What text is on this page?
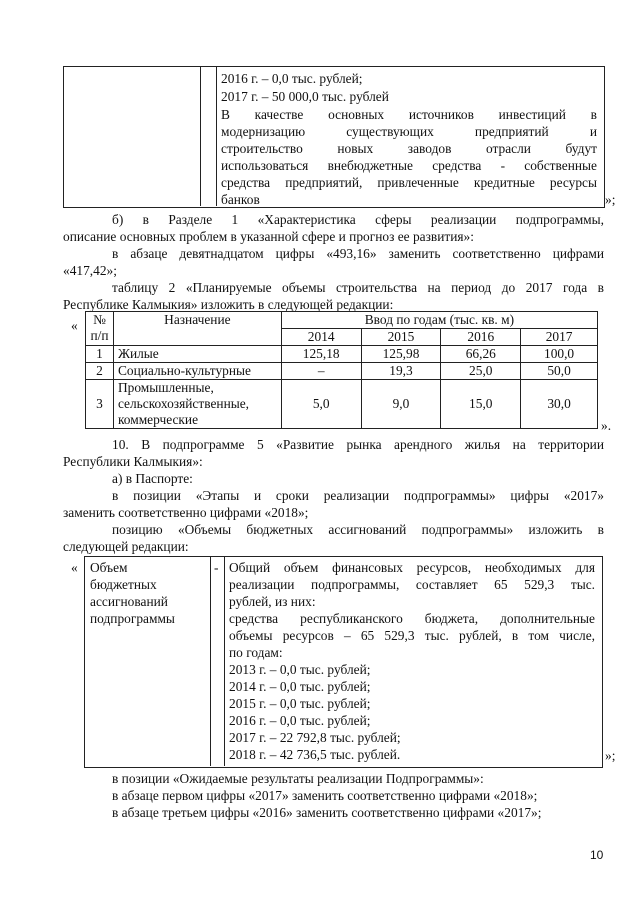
2016 г. – 0,0 тыс. рублей;
2017 г. – 50 000,0 тыс. рублей
В качестве основных источников инвестиций в
модернизацию существующих предприятий и
строительство новых заводов отрасли будут
использоваться внебюджетные средства - собственные
средства предприятий, привлеченные кредитные ресурсы
банков	»;
б) в Разделе 1 «Характеристика сферы реализации подпрограммы,
описание основных проблем в указанной сфере и прогноз ее развития»:
в абзаце девятнадцатом цифры «493,16» заменить соответственно цифрами
«417,42»;
таблицу 2 «Планируемые объемы строительства на период до 2017 года в
Республике Калмыкия» изложить в следующей редакции:
« №
п/п	Назначение	Ввод по годам (тыс. кв. м)			
		2014	2015	2016	2017
1	Жилые	125,18	125,98	66,26	100,0
2	Социально-культурные	–	19,3	25,0	50,0
3	Промышленные,
сельскохозяйственные,
коммерческие	5,0	9,0	15,0	30,0
».
10. В подпрограмме 5 «Развитие рынка арендного жилья на территории
Республики Калмыкия»:
а) в Паспорте:
в позиции «Этапы и сроки реализации подпрограммы» цифры «2017»
заменить соответственно цифрами «2018»;
позицию «Объемы бюджетных ассигнований подпрограммы» изложить в
следующей редакции:
« Объем
бюджетных
ассигнований
подпрограммы
- Общий объем финансовых ресурсов, необходимых для
реализации подпрограммы, составляет 65 529,3 тыс.
рублей, из них:
средства республиканского бюджета, дополнительные
объемы ресурсов – 65 529,3 тыс. рублей, в том числе,
по годам:
2013 г. – 0,0 тыс. рублей;
2014 г. – 0,0 тыс. рублей;
2015 г. – 0,0 тыс. рублей;
2016 г. – 0,0 тыс. рублей;
2017 г. – 22 792,8 тыс. рублей;
2018 г. – 42 736,5 тыс. рублей.	»;
в позиции «Ожидаемые результаты реализации Подпрограммы»:
в абзаце первом цифры «2017» заменить соответственно цифрами «2018»;
в абзаце третьем цифры «2016» заменить соответственно цифрами «2017»;
10
